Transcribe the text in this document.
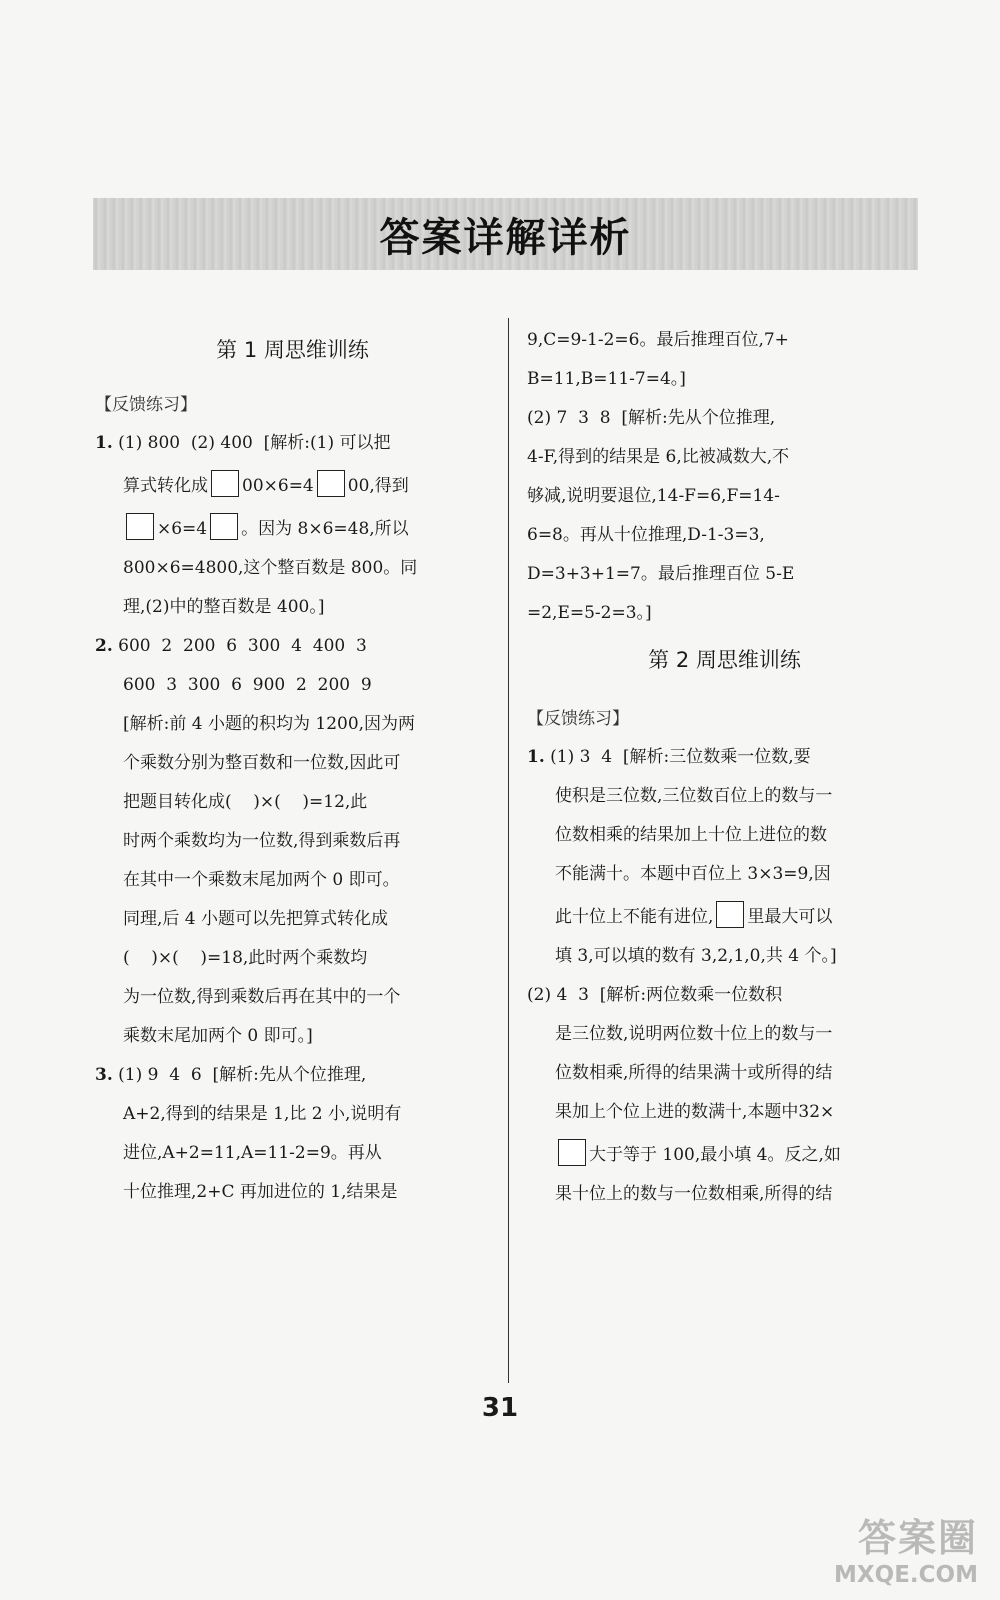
答案详解详析

第 1 周思维训练

【反馈练习】

1. (1) 800  (2) 400  [解析:(1) 可以把

算式转化成 00×6=4 00,得到

×6=4 。因为 8×6=48,所以

800×6=4800,这个整百数是 800。同

理,(2)中的整百数是 400。]

2. 600  2  200  6  300  4  400  3

600  3  300  6  900  2  200  9

[解析:前 4 小题的积均为 1200,因为两

个乘数分别为整百数和一位数,因此可

把题目转化成(    )×(    )=12,此

时两个乘数均为一位数,得到乘数后再

在其中一个乘数末尾加两个 0 即可。

同理,后 4 小题可以先把算式转化成

(    )×(    )=18,此时两个乘数均

为一位数,得到乘数后再在其中的一个

乘数末尾加两个 0 即可。]

3. (1) 9  4  6  [解析:先从个位推理,

A+2,得到的结果是 1,比 2 小,说明有

进位,A+2=11,A=11-2=9。再从

十位推理,2+C 再加进位的 1,结果是

9,C=9-1-2=6。最后推理百位,7+

B=11,B=11-7=4。]

(2) 7  3  8  [解析:先从个位推理,

4-F,得到的结果是 6,比被减数大,不

够减,说明要退位,14-F=6,F=14-

6=8。再从十位推理,D-1-3=3,

D=3+3+1=7。最后推理百位 5-E

=2,E=5-2=3。]

第 2 周思维训练

【反馈练习】

1. (1) 3  4  [解析:三位数乘一位数,要

使积是三位数,三位数百位上的数与一

位数相乘的结果加上十位上进位的数

不能满十。本题中百位上 3×3=9,因

此十位上不能有进位, 里最大可以

填 3,可以填的数有 3,2,1,0,共 4 个。]

(2) 4  3  [解析:两位数乘一位数积

是三位数,说明两位数十位上的数与一

位数相乘,所得的结果满十或所得的结

果加上个位上进的数满十,本题中32×

大于等于 100,最小填 4。反之,如

果十位上的数与一位数相乘,所得的结

31
答案圈
MXQE.COM
